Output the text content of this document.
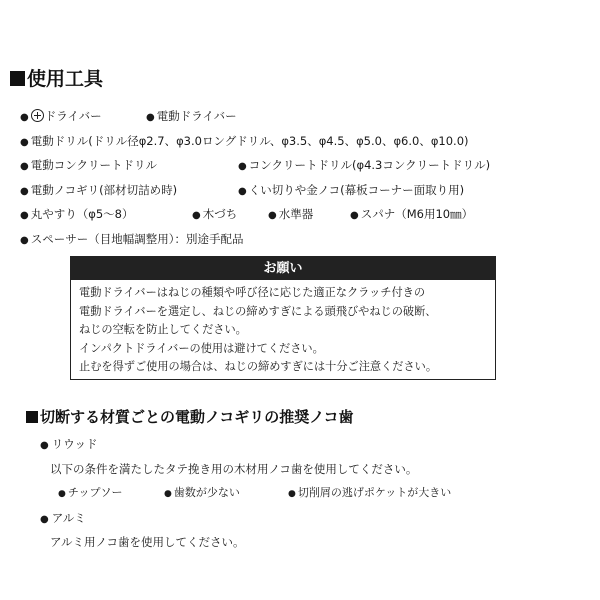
使用工具
● ドライバー	● 電動ドライバー
● 電動ドリル(ドリル径φ2.7、φ3.0ロングドリル、φ3.5、φ4.5、φ5.0、φ6.0、φ10.0)
● 電動コンクリートドリル	● コンクリートドリル(φ4.3コンクリートドリル)
● 電動ノコギリ(部材切詰め時)	● くい切りや金ノコ(幕板コーナー面取り用)
● 丸やすり（φ5～8）	● 木づち	● 水準器	● スパナ（M6用10㎜）
● スペーサー（目地幅調整用）：別途手配品
お願い
電動ドライバーはねじの種類や呼び径に応じた適正なクラッチ付きの
電動ドライバーを選定し、ねじの締めすぎによる頭飛びやねじの破断、
ねじの空転を防止してください。
インパクトドライバーの使用は避けてください。
止むを得ずご使用の場合は、ねじの締めすぎには十分ご注意ください。
切断する材質ごとの電動ノコギリの推奨ノコ歯
● リウッド
以下の条件を満たしたタテ挽き用の木材用ノコ歯を使用してください。
● チップソー	● 歯数が少ない	● 切削屑の逃げポケットが大きい
● アルミ
アルミ用ノコ歯を使用してください。
